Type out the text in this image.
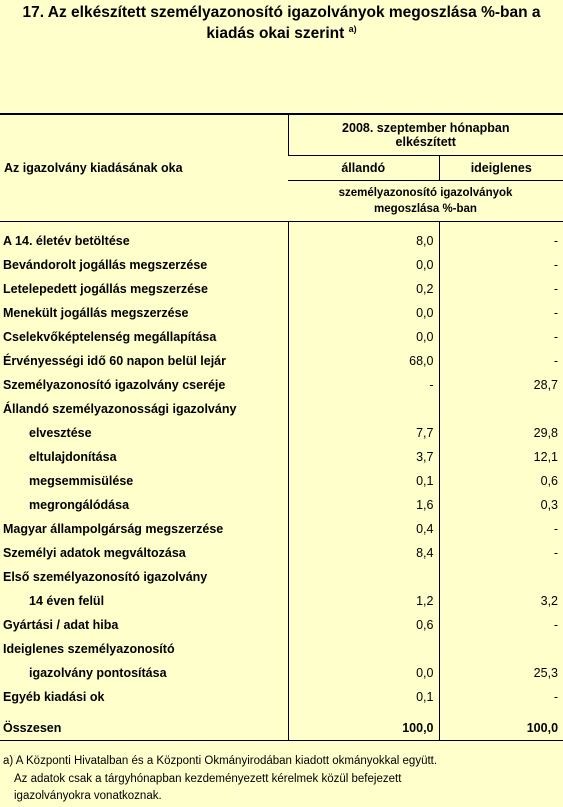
17. Az elkészített személyazonosító igazolványok megoszlása %-ban a
kiadás okai szerint $^{a)}$
Az igazolvány kiadásának oka	2008. szeptember hónapban
elkészített	

	állandó	ideiglenes

	személyazonosító igazolványok
megoszlása %-ban	

A 14. életév betöltése	8,0	-
Bevándorolt jogállás megszerzése	0,0	-
Letelepedett jogállás megszerzése	0,2	-
Menekült jogállás megszerzése	0,0	-
Cselekvőképtelenség megállapítása	0,0	-
Érvényességi idő 60 napon belül lejár	68,0	-
Személyazonosító igazolvány cseréje	-	28,7
Állandó személyazonossági igazolvány		
elvesztése	7,7	29,8
eltulajdonítása	3,7	12,1
megsemmisülése	0,1	0,6
megrongálódása	1,6	0,3
Magyar állampolgárság megszerzése	0,4	-
Személyi adatok megváltozása	8,4	-
Első személyazonosító igazolvány		
14 éven felül	1,2	3,2
Gyártási / adat hiba	0,6	-
Ideiglenes személyazonosító		
igazolvány pontosítása	0,0	25,3
Egyéb kiadási ok	0,1	-

Összesen	100,0	100,0
a) A Központi Hivatalban és a Központi Okmányirodában kiadott okmányokkal együtt.
Az adatok csak a tárgyhónapban kezdeményezett kérelmek közül befejezett
igazolványokra vonatkoznak.
